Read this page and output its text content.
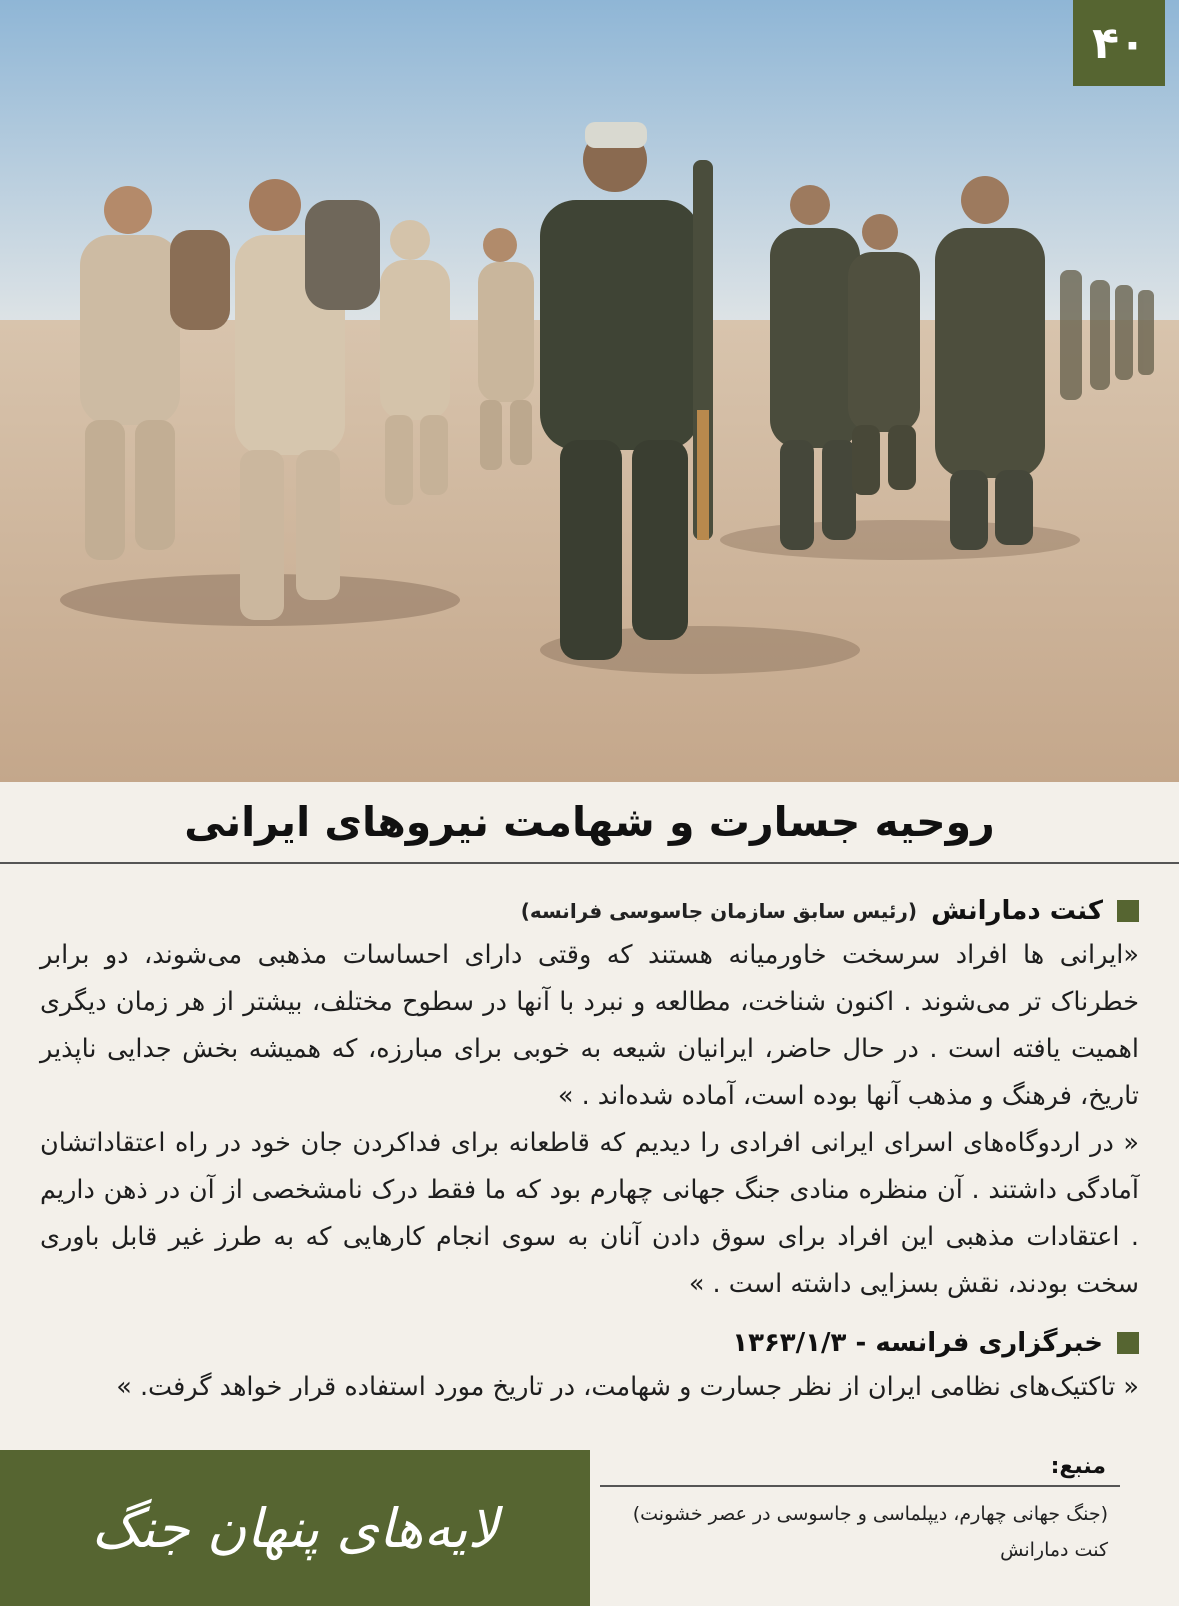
۴۰
روحیه جسارت و شهامت نیروهای ایرانی
کنت دمارانش
(رئیس سابق سازمان جاسوسی فرانسه)

«ایرانی ها افراد سرسخت خاورمیانه هستند که وقتی دارای احساسات مذهبی می‌شوند، دو برابر خطرناک تر می‌شوند . اکنون شناخت، مطالعه و نبرد با آنها در سطوح مختلف، بیشتر از هر زمان دیگری اهمیت یافته است . در حال حاضر، ایرانیان شیعه به خوبی برای مبارزه، که همیشه بخش جدایی ناپذیر تاریخ، فرهنگ و مذهب آنها بوده است، آماده شده‌اند . »

« در اردوگاه‌های اسرای ایرانی افرادی را دیدیم که قاطعانه برای فداکردن جان خود در راه اعتقاداتشان آمادگی داشتند . آن منظره منادی جنگ جهانی چهارم بود که ما فقط درک نامشخصی از آن در ذهن داریم . اعتقادات مذهبی این افراد برای سوق دادن آنان به سوی انجام کارهایی که به طرز غیر قابل باوری سخت بودند، نقش بسزایی داشته است . »

خبرگزاری فرانسه - ۱۳۶۳/۱/۳

« تاکتیک‌های نظامی ایران از نظر جسارت و شهامت، در تاریخ مورد استفاده قرار خواهد گرفت. »

لایه‌های پنهان جنگ
منبع:
(جنگ جهانی چهارم، دیپلماسی و جاسوسی در عصر خشونت)
کنت دمارانش
